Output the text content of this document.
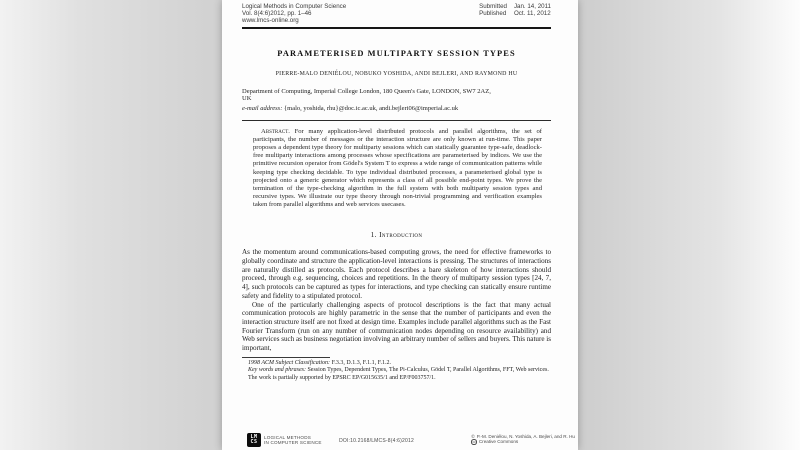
Logical Methods in Computer Science
Vol. 8(4:6)2012, pp. 1–46
www.lmcs-online.org
Submitted Jan. 14, 2011
Published Oct. 11, 2012
PARAMETERISED MULTIPARTY SESSION TYPES
PIERRE-MALO DENIÉLOU, NOBUKO YOSHIDA, ANDI BEJLERI, AND RAYMOND HU
Department of Computing, Imperial College London, 180 Queen's Gate, LONDON, SW7 2AZ,
UK
e-mail address: {malo, yoshida, rhu}@doc.ic.ac.uk, andi.bejleri06@imperial.ac.uk
Abstract. For many application-level distributed protocols and parallel algorithms, the set of participants, the number of messages or the interaction structure are only known at run-time. This paper proposes a dependent type theory for multiparty sessions which can statically guarantee type-safe, deadlock-free multiparty interactions among processes whose specifications are parameterised by indices. We use the primitive recursion operator from Gödel's System T to express a wide range of communication patterns while keeping type checking decidable. To type individual distributed processes, a parameterised global type is projected onto a generic generator which represents a class of all possible end-point types. We prove the termination of the type-checking algorithm in the full system with both multiparty session types and recursive types. We illustrate our type theory through non-trivial programming and verification examples taken from parallel algorithms and web services usecases.
1. Introduction
As the momentum around communications-based computing grows, the need for effective frameworks to globally coordinate and structure the application-level interactions is pressing. The structures of interactions are naturally distilled as protocols. Each protocol describes a bare skeleton of how interactions should proceed, through e.g. sequencing, choices and repetitions. In the theory of multiparty session types [24, 7, 4], such protocols can be captured as types for interactions, and type checking can statically ensure runtime safety and fidelity to a stipulated protocol.
One of the particularly challenging aspects of protocol descriptions is the fact that many actual communication protocols are highly parametric in the sense that the number of participants and even the interaction structure itself are not fixed at design time. Examples include parallel algorithms such as the Fast Fourier Transform (run on any number of communication nodes depending on resource availability) and Web services such as business negotiation involving an arbitrary number of sellers and buyers. This nature is important,

1998 ACM Subject Classification: F.3.3, D.1.3, F.1.1, F.1.2.

Key words and phrases: Session Types, Dependent Types, The Pi-Calculus, Gödel T, Parallel Algorithms, FFT, Web services.

The work is partially supported by EPSRC EP/G015635/1 and EP/F003757/1.

LM
CS
LOGICAL METHODS
IN COMPUTER SCIENCE	DOI:10.2168/LMCS-8(4:6)2012
© P.-M. Deniélou, N. Yoshida, A. Bejleri, and R. Hu
cc Creative Commons
